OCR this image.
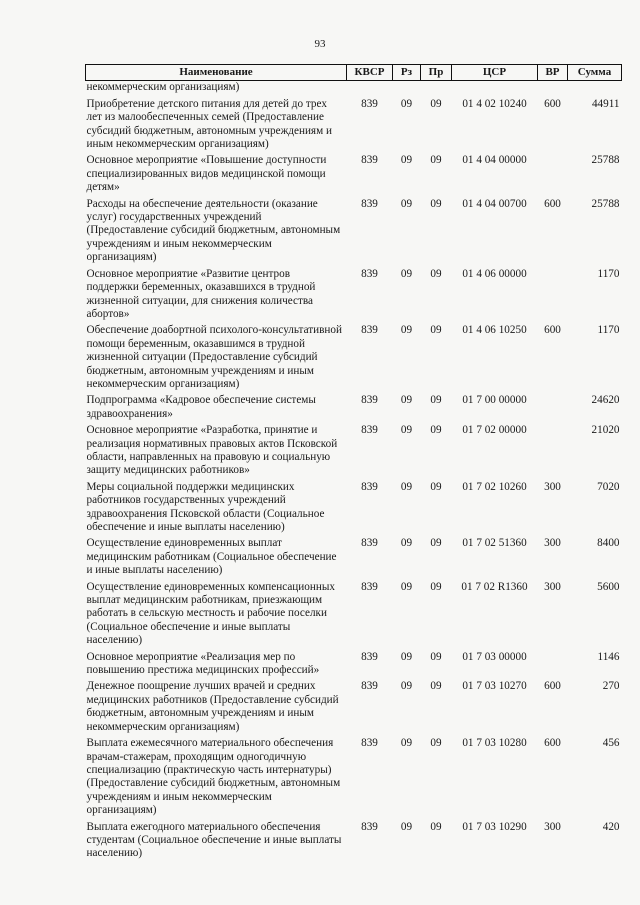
93
Наименование	КВСР	Рз	Пр	ЦСР	ВР	Сумма
некоммерческим организациям)						
Приобретение детского питания для детей до трех лет из малообеспеченных семей (Предоставление субсидий бюджетным, автономным учреждениям и иным некоммерческим организациям)	839	09	09	01 4 02 10240	600	44911
Основное мероприятие «Повышение доступности специализированных видов медицинской помощи детям»	839	09	09	01 4 04 00000		25788
Расходы на обеспечение деятельности (оказание услуг) государственных учреждений (Предоставление субсидий бюджетным, автономным учреждениям и иным некоммерческим организациям)	839	09	09	01 4 04 00700	600	25788
Основное мероприятие «Развитие центров поддержки беременных, оказавшихся в трудной жизненной ситуации, для снижения количества абортов»	839	09	09	01 4 06 00000		1170
Обеспечение доабортной психолого-консультативной помощи беременным, оказавшимся в трудной жизненной ситуации (Предоставление субсидий бюджетным, автономным учреждениям и иным некоммерческим организациям)	839	09	09	01 4 06 10250	600	1170
Подпрограмма «Кадровое обеспечение системы здравоохранения»	839	09	09	01 7 00 00000		24620
Основное мероприятие «Разработка, принятие и реализация нормативных правовых актов Псковской области, направленных на правовую и социальную защиту медицинских работников»	839	09	09	01 7 02 00000		21020
Меры социальной поддержки медицинских работников государственных учреждений здравоохранения Псковской области (Социальное обеспечение и иные выплаты населению)	839	09	09	01 7 02 10260	300	7020
Осуществление единовременных выплат медицинским работникам (Социальное обеспечение и иные выплаты населению)	839	09	09	01 7 02 51360	300	8400
Осуществление единовременных компенсационных выплат медицинским работникам, приезжающим работать в сельскую местность и рабочие поселки (Социальное обеспечение и иные выплаты населению)	839	09	09	01 7 02 R1360	300	5600
Основное мероприятие «Реализация мер по повышению престижа медицинских профессий»	839	09	09	01 7 03 00000		1146
Денежное поощрение лучших врачей и средних медицинских работников (Предоставление субсидий бюджетным, автономным учреждениям и иным некоммерческим организациям)	839	09	09	01 7 03 10270	600	270
Выплата ежемесячного материального обеспечения врачам-стажерам, проходящим одногодичную специализацию (практическую часть интернатуры) (Предоставление субсидий бюджетным, автономным учреждениям и иным некоммерческим организациям)	839	09	09	01 7 03 10280	600	456
Выплата ежегодного материального обеспечения студентам (Социальное обеспечение и иные выплаты населению)	839	09	09	01 7 03 10290	300	420
